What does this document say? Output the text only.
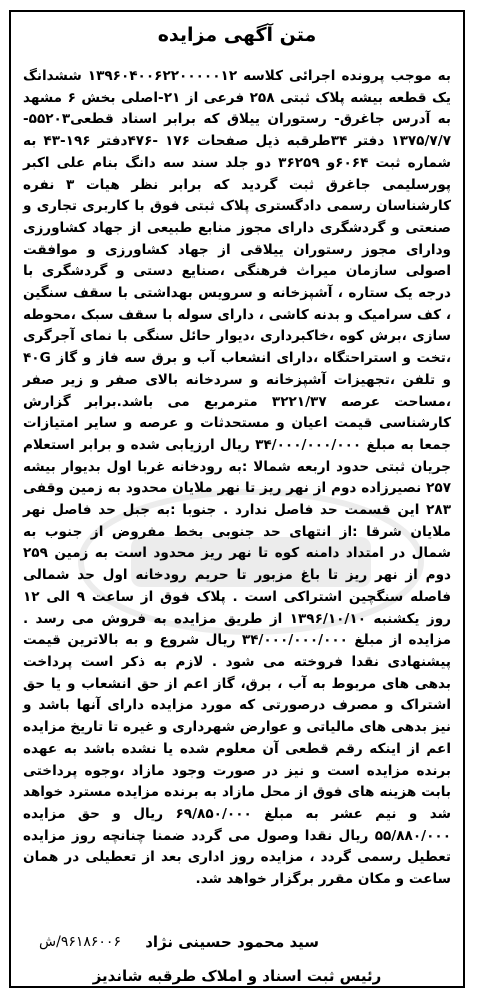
متن آگهی مزایده

به موجب پرونده اجرائی کلاسه ۱۳۹۶۰۴۰۰۶۲۲۰۰۰۰۰۱۲ ششدانگ یک قطعه بیشه پلاک ثبتی ۲۵۸ فرعی از ۲۱-اصلی بخش ۶ مشهد به آدرس جاغرق- رستوران ییلاق که برابر اسناد قطعی۵۵۲۰۳- ۱۳۷۵/۷/۷ دفتر ۳۴طرقبه ذیل صفحات ۱۷۶ -۴۷۶دفتر ۱۹۶-۴۳ به شماره ثبت ۶۰۶۴و ۳۶۲۵۹ دو جلد سند سه دانگ بنام علی اکبر پورسلیمی جاغرق ثبت گردید که برابر نظر هیات ۳ نفره کارشناسان رسمی دادگستری پلاک ثبتی فوق با کاربری تجاری و صنعتی و گردشگری دارای مجوز منابع طبیعی از جهاد کشاورزی ودارای مجوز رستوران ییلاقی از جهاد کشاورزی و موافقت اصولی سازمان میراث فرهنگی ،صنایع دستی و گردشگری با درجه یک ستاره ، آشپزخانه و سرویس بهداشتی با سقف سنگین ، کف سرامیک و بدنه کاشی ، دارای سوله با سقف سبک ،محوطه سازی ،برش کوه ،خاکبرداری ،دیوار حائل سنگی با نمای آجرگری ،تخت و استراحتگاه ،دارای انشعاب آب و برق سه فاز و گاز ۴۰G و تلفن ،تجهیزات آشپزخانه و سردخانه بالای صفر و زیر صفر ،مساحت عرصه ۳۲۲۱/۳۷ مترمربع می باشد.برابر گزارش کارشناسی قیمت اعیان و مستحدثات و عرصه و سایر امتیازات جمعا به مبلغ ۳۴/۰۰۰/۰۰۰/۰۰۰ ریال ارزیابی شده و برابر استعلام جریان ثبتی حدود اربعه شمالا :به رودخانه غربا اول بدیوار بیشه ۲۵۷ نصیرزاده دوم از نهر ریز تا نهر ملایان محدود به زمین وقفی ۲۸۳ این قسمت حد فاصل ندارد . جنوبا :به جبل حد فاصل نهر ملایان شرقا :از انتهای حد جنوبی بخط مفروض از جنوب به شمال در امتداد دامنه کوه تا نهر ریز محدود است به زمین ۲۵۹ دوم از نهر ریز تا باغ مزبور تا حریم رودخانه اول حد شمالی فاصله سنگچین اشتراکی است . پلاک فوق از ساعت ۹ الی ۱۲ روز یکشنبه ۱۳۹۶/۱۰/۱۰ از طریق مزایده به فروش می رسد . مزایده از مبلغ ۳۴/۰۰۰/۰۰۰/۰۰۰ ریال شروع و به بالاترین قیمت پیشنهادی نقدا فروخته می شود . لازم به ذکر است پرداخت بدهی های مربوط به آب ، برق، گاز اعم از حق انشعاب و یا حق اشتراک و مصرف درصورتی که مورد مزایده دارای آنها باشد و نیز بدهی های مالیاتی و عوارض شهرداری و غیره تا تاریخ مزایده اعم از اینکه رقم قطعی آن معلوم شده یا نشده باشد به عهده برنده مزایده است و نیز در صورت وجود مازاد ،وجوه پرداختی بابت هزینه های فوق از محل مازاد به برنده مزایده مسترد خواهد شد و نیم عشر به مبلغ ۶۹/۸۵۰/۰۰۰ ریال و حق مزایده ۵۵/۸۸۰/۰۰۰ ریال نقدا وصول می گردد ضمنا چنانچه روز مزایده تعطیل رسمی گردد ، مزایده روز اداری بعد از تعطیلی در همان ساعت و مکان مقرر برگزار خواهد شد.

سید محمود حسینی نژاد
۹۶۱۸۶۰۰۶/ش
رئیس ثبت اسناد و املاک طرقبه شاندیز
